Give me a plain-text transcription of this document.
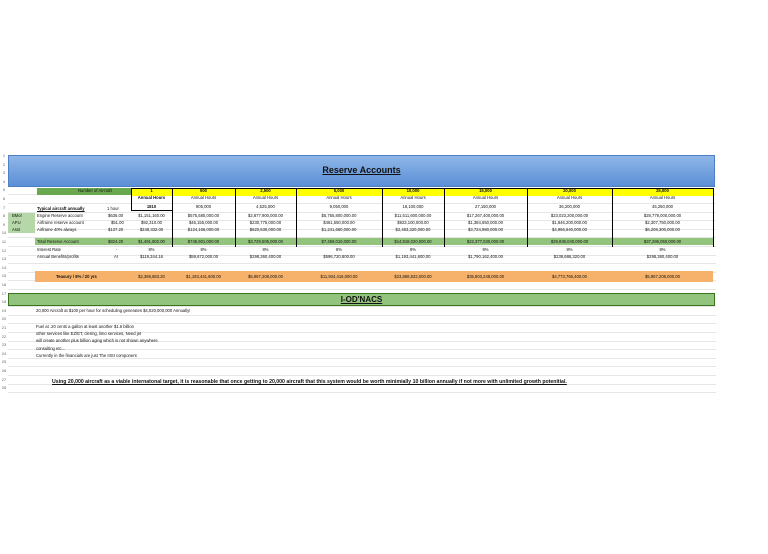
1
2
3
4
5
6
7
8
9
10
11
12
13
14
15
16
17
18
19
20
21
22
23
24
25
26
27
28
Reserve Accounts
Number of Aircraft
Typical aircraft annually	1 hour
BMol
APU
Asst
Engine Reserve account
Airframe reserve account
Airframe 40% always
Total Reserve Account
Interest Rate
Annual Benefits/profits
Teasury / 8% / 20 yrs
$636.00
$51.00
$137.20
$824.20
-
AI
Annual Hours
1
1810
$1,151,160.00
$92,310.00
$248,332.00
$1,491,802.00
8%
$119,344.16
$2,386,883.20
Annual Hours
500
905,000
$575,580,000.00
$46,155,000.00
$124,166,000.00
$745,901,000.00
8%
$59,672,000.00
$1,193,441,600.00
Annual Hours
2,500
4,525,000
$2,877,900,000.00
$230,775,000.00
$620,830,000.00
$3,729,505,000.00
8%
$298,360,400.00
$5,967,208,000.00
Annual Hours
5,000
9,050,000
$5,755,800,000.00
$461,550,000.00
$1,241,660,000.00
$7,459,010,000.00
8%
$596,720,800.00
$11,934,416,000.00
Annual Hours
10,000
18,100,000
$11,511,600,000.00
$923,100,000.00
$2,483,320,000.00
$14,918,020,000.00
8%
$1,193,441,600.00
$23,868,832,000.00
Annual Hours
15,000
27,150,000
$17,267,400,000.00
$1,384,650,000.00
$3,724,980,000.00
$22,377,030,000.00
8%
$1,790,162,400.00
$35,803,248,000.00
Annual Hours
20,000
36,200,000
$23,023,200,000.00
$1,846,200,000.00
$4,966,640,000.00
$29,836,040,000.00
8%
$238,686,320.00
$4,773,766,400.00
Annual Hours
25,000
45,250,000
$28,779,000,000.00
$2,307,750,000.00
$6,208,300,000.00
$37,295,050,000.00
8%
$298,360,400.00
$5,967,208,000.00
I-OD'NACS
20,000 Aircraft at $100 per hour for scheduling generates $4,020,000,000 Annually!
Fuel at .20 cents a gallon at least another $1.6 billion
other services like EZ/ET, clering, limo services, Need jet
will create another plus billion aging which is not shown anywhere
consulting etc...
Currently in the financials are just The IIISI component
Using 20,000 aircraft as a viable internatonal target, it is reasonable that once getting to 20,000 aircraft that this system would be worth minimially 10 billion annually if not more with unlimited growth potenitial.
